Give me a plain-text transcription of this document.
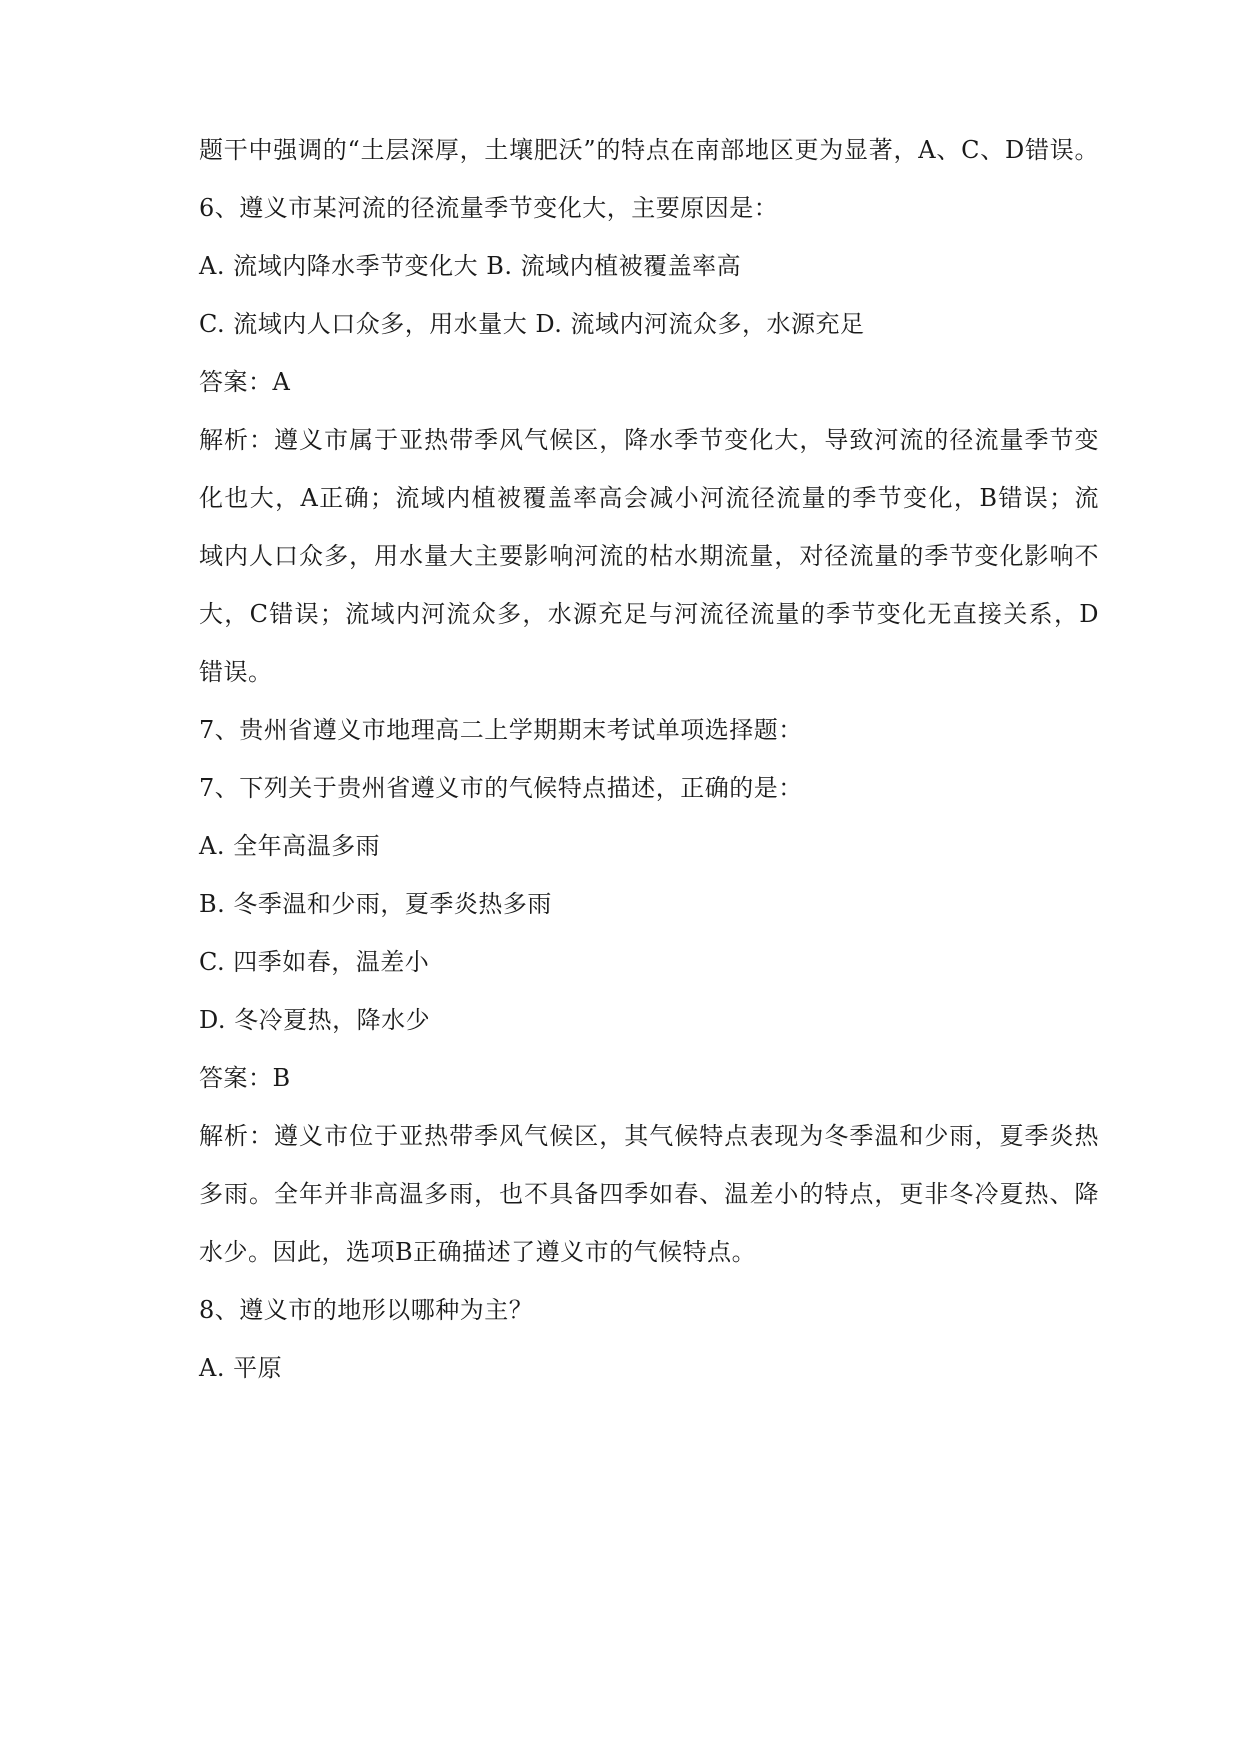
题干中强调的“土层深厚，土壤肥沃”的特点在南部地区更为显著，A、C、D错误。
6、遵义市某河流的径流量季节变化大，主要原因是：
A. 流域内降水季节变化大 B. 流域内植被覆盖率高
C. 流域内人口众多，用水量大 D. 流域内河流众多，水源充足
答案：A
解析：遵义市属于亚热带季风气候区，降水季节变化大，导致河流的径流量季节变
化也大，A正确；流域内植被覆盖率高会减小河流径流量的季节变化，B错误；流
域内人口众多，用水量大主要影响河流的枯水期流量，对径流量的季节变化影响不
大，C错误；流域内河流众多，水源充足与河流径流量的季节变化无直接关系，D
错误。
7、贵州省遵义市地理高二上学期期末考试单项选择题：
7、下列关于贵州省遵义市的气候特点描述，正确的是：
A. 全年高温多雨
B. 冬季温和少雨，夏季炎热多雨
C. 四季如春，温差小
D. 冬冷夏热，降水少
答案：B
解析：遵义市位于亚热带季风气候区，其气候特点表现为冬季温和少雨，夏季炎热
多雨。全年并非高温多雨，也不具备四季如春、温差小的特点，更非冬冷夏热、降
水少。因此，选项B正确描述了遵义市的气候特点。
8、遵义市的地形以哪种为主？
A. 平原
